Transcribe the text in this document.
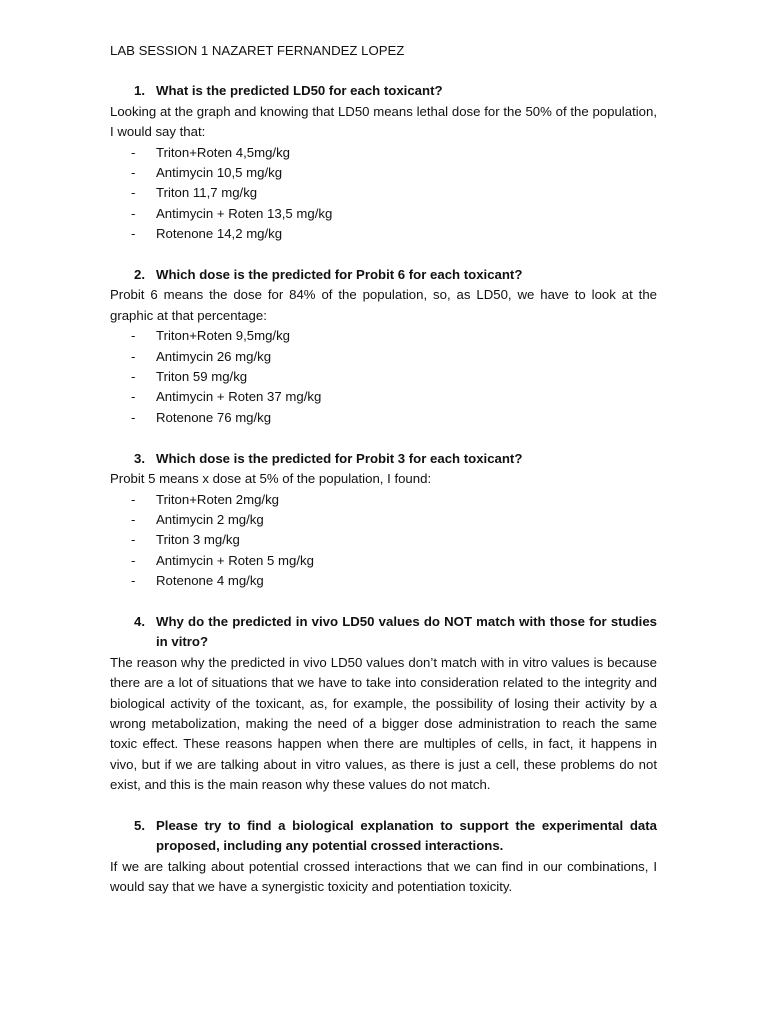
LAB SESSION 1 NAZARET FERNANDEZ LOPEZ
1. What is the predicted LD50 for each toxicant?

Looking at the graph and knowing that LD50 means lethal dose for the 50% of the population, I would say that:

-	Triton+Roten 4,5mg/kg
-	Antimycin 10,5 mg/kg
-	Triton 11,7 mg/kg
-	Antimycin + Roten 13,5 mg/kg
-	Rotenone 14,2 mg/kg
2. Which dose is the predicted for Probit 6 for each toxicant?

Probit 6 means the dose for 84% of the population, so, as LD50, we have to look at the graphic at that percentage:

-	Triton+Roten 9,5mg/kg
-	Antimycin 26 mg/kg
-	Triton 59 mg/kg
-	Antimycin + Roten 37 mg/kg
-	Rotenone 76 mg/kg
3. Which dose is the predicted for Probit 3 for each toxicant?

Probit 5 means x dose at 5% of the population, I found:

-	Triton+Roten 2mg/kg
-	Antimycin 2 mg/kg
-	Triton 3 mg/kg
-	Antimycin + Roten 5 mg/kg
-	Rotenone 4 mg/kg
4. Why do the predicted in vivo LD50 values do NOT match with those for studies in vitro?

The reason why the predicted in vivo LD50 values don’t match with in vitro values is because there are a lot of situations that we have to take into consideration related to the integrity and biological activity of the toxicant, as, for example, the possibility of losing their activity by a wrong metabolization, making the need of a bigger dose administration to reach the same toxic effect. These reasons happen when there are multiples of cells, in fact, it happens in vivo, but if we are talking about in vitro values, as there is just a cell, these problems do not exist, and this is the main reason why these values do not match.

5. Please try to find a biological explanation to support the experimental data proposed, including any potential crossed interactions.

If we are talking about potential crossed interactions that we can find in our combinations, I would say that we have a synergistic toxicity and potentiation toxicity.
